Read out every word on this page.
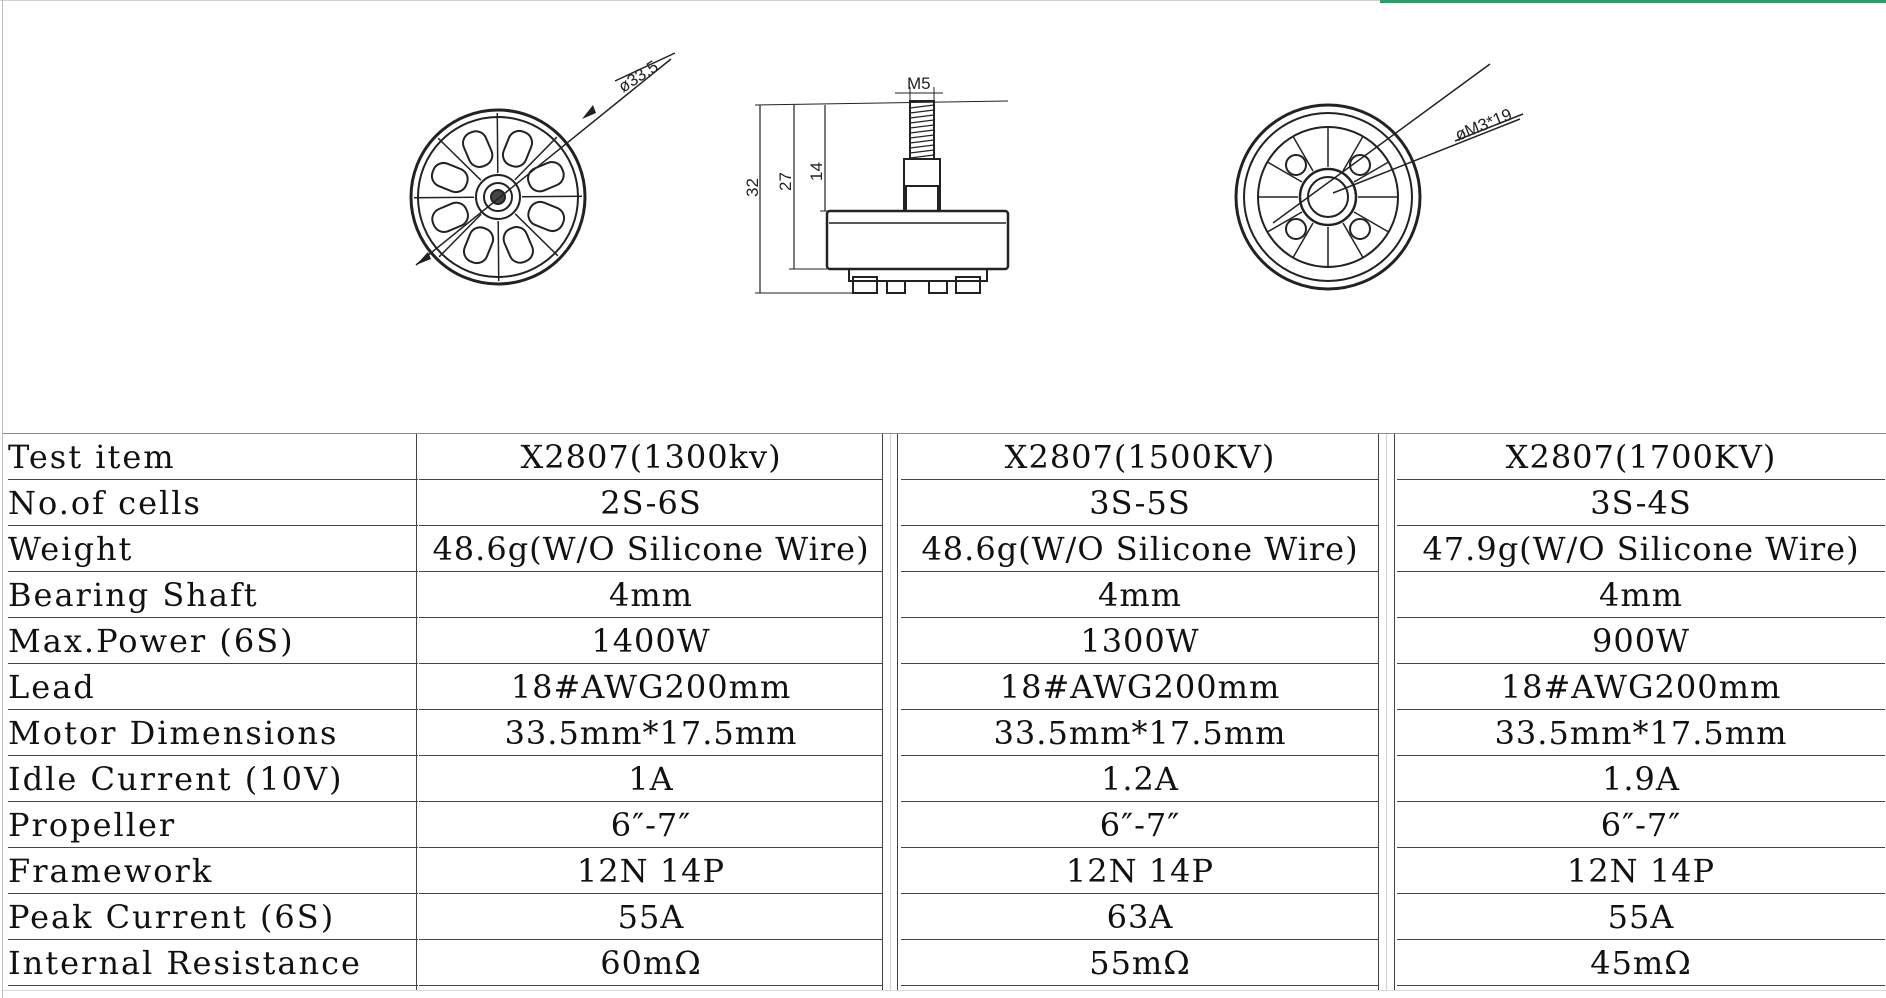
ø33.5	M5
32 27
14
øM3*19
Test item	X2807(1300kv)	X2807(1500KV)	X2807(1700KV)
No.of cells	2S-6S	3S-5S	3S-4S
Weight	48.6g(W/O Silicone Wire)	48.6g(W/O Silicone Wire)	47.9g(W/O Silicone Wire)
Bearing Shaft	4mm	4mm	4mm
Max.Power (6S)	1400W	1300W	900W
Lead	18#AWG200mm	18#AWG200mm	18#AWG200mm
Motor Dimensions	33.5mm*17.5mm	33.5mm*17.5mm	33.5mm*17.5mm
Idle Current (10V)	1A	1.2A	1.9A
Propeller	6″-7″	6″-7″	6″-7″
Framework	12N 14P	12N 14P	12N 14P
Peak Current (6S)	55A	63A	55A
Internal Resistance	60mΩ	55mΩ	45mΩ
